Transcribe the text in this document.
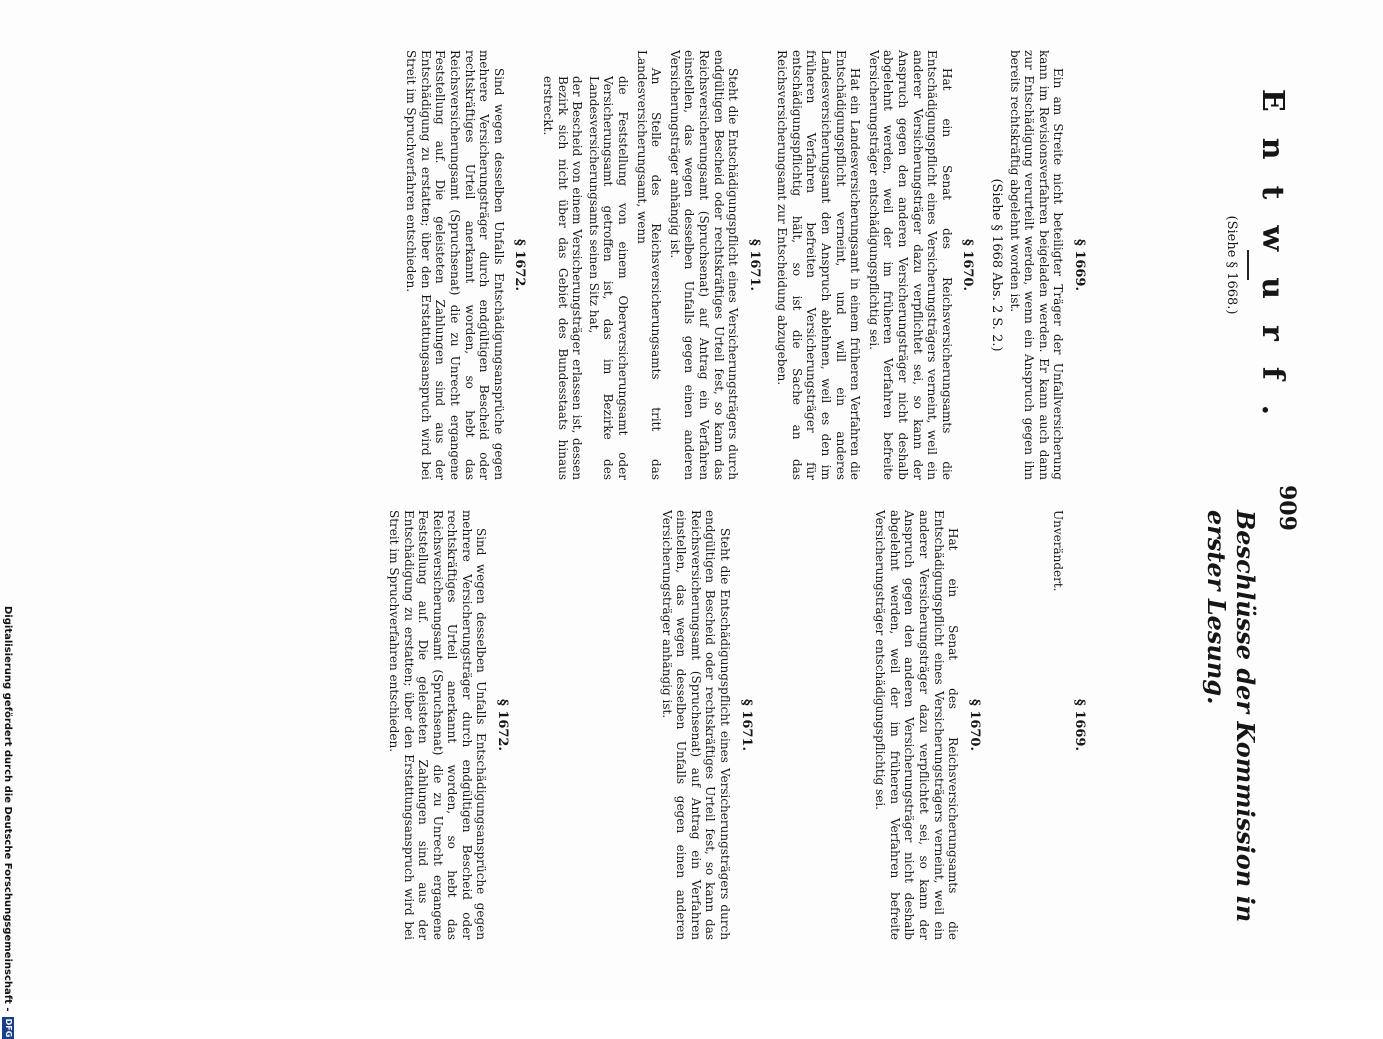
909
Entwurf.
(Siehe § 1668.)
Beschlüsse der Kommission in erster Lesung.
§ 1669.

Ein am Streite nicht beteiligter Träger der Unfallversicherung kann im Revisionsverfahren beigeladen werden. Er kann auch dann zur Entschädigung verurteilt werden, wenn ein Anspruch gegen ihn bereits rechtskräftig abgelehnt worden ist.

(Siehe § 1668 Abs. 2 S. 2.)
§ 1670.

Hat ein Senat des Reichsversicherungsamts die Entschädigungspflicht eines Versicherungsträgers verneint, weil ein anderer Versicherungsträger dazu verpflichtet sei, so kann der Anspruch gegen den anderen Versicherungsträger nicht deshalb abgelehnt werden, weil der im früheren Verfahren befreite Versicherungsträger entschädigungspflichtig sei.

Hat ein Landesversicherungsamt in einem früheren Verfahren die Entschädigungspflicht verneint, und will ein anderes Landesversicherungsamt den Anspruch ablehnen, weil es den im früheren Verfahren befreiten Versicherungsträger für entschädigungspflichtig hält, so ist die Sache an das Reichsversicherungsamt zur Entscheidung abzugeben.

§ 1671.

Steht die Entschädigungspflicht eines Versicherungsträgers durch endgültigen Bescheid oder rechtskräftiges Urteil fest, so kann das Reichsversicherungsamt (Spruchsenat) auf Antrag ein Verfahren einstellen, das wegen desselben Unfalls gegen einen anderen Versicherungsträger anhängig ist.

An Stelle des Reichsversicherungsamts tritt das Landesversicherungsamt, wenn

die Feststellung von einem Oberversicherungsamt oder Versicherungsamt getroffen ist, das im Bezirke des Landesversicherungsamts seinen Sitz hat,

der Bescheid von einem Versicherungsträger erlassen ist, dessen Bezirk sich nicht über das Gebiet des Bundesstaats hinaus erstreckt.

§ 1672.

Sind wegen desselben Unfalls Entschädigungsansprüche gegen mehrere Versicherungsträger durch endgültigen Bescheid oder rechtskräftiges Urteil anerkannt worden, so hebt das Reichsversicherungsamt (Spruchsenat) die zu Unrecht ergangene Feststellung auf. Die geleisteten Zahlungen sind aus der Entschädigung zu erstatten; über den Erstattungsanspruch wird bei Streit im Spruchverfahren entschieden.

§ 1669.

Unverändert.

§ 1670.

Hat ein Senat des Reichsversicherungsamts die Entschädigungspflicht eines Versicherungsträgers verneint, weil ein anderer Versicherungsträger dazu verpflichtet sei, so kann der Anspruch gegen den anderen Versicherungsträger nicht deshalb abgelehnt werden, weil der im früheren Verfahren befreite Versicherungsträger entschädigungspflichtig sei.

§ 1671.

Steht die Entschädigungspflicht eines Versicherungsträgers durch endgültigen Bescheid oder rechtskräftiges Urteil fest, so kann das Reichsversicherungsamt (Spruchsenat) auf Antrag ein Verfahren einstellen, das wegen desselben Unfalls gegen einen anderen Versicherungsträger anhängig ist.

§ 1672.

Sind wegen desselben Unfalls Entschädigungsansprüche gegen mehrere Versicherungsträger durch endgültigen Bescheid oder rechtskräftiges Urteil anerkannt worden, so hebt das Reichsversicherungsamt (Spruchsenat) die zu Unrecht ergangene Feststellung auf. Die geleisteten Zahlungen sind aus der Entschädigung zu erstatten; über den Erstattungsanspruch wird bei Streit im Spruchverfahren entschieden.

Digitalisierung gefördert durch die Deutsche Forschungsgemeinschaft - DFG
